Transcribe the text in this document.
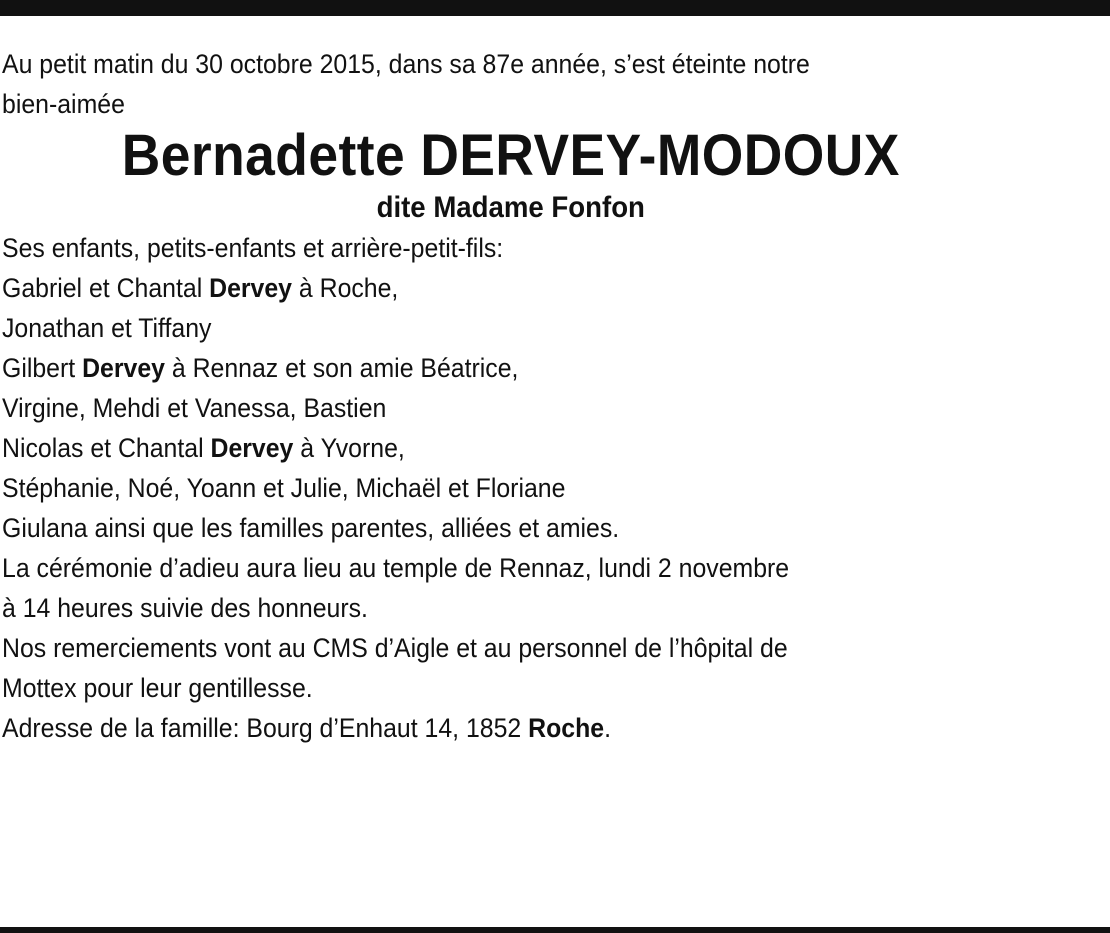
Au petit matin du 30 octobre 2015, dans sa 87e année, s’est éteinte notre
bien-aimée

Bernadette DERVEY-MODOUX

dite Madame Fonfon

Ses enfants, petits-enfants et arrière-petit-fils:

Gabriel et Chantal Dervey à Roche,
Jonathan et Tiffany

Gilbert Dervey à Rennaz et son amie Béatrice,
Virgine, Mehdi et Vanessa, Bastien

Nicolas et Chantal Dervey à Yvorne,
Stéphanie, Noé, Yoann et Julie, Michaël et Floriane

Giulana ainsi que les familles parentes, alliées et amies.

La cérémonie d’adieu aura lieu au temple de Rennaz, lundi 2 novembre
à 14 heures suivie des honneurs.

Nos remerciements vont au CMS d’Aigle et au personnel de l’hôpital de
Mottex pour leur gentillesse.

Adresse de la famille: Bourg d’Enhaut 14, 1852 Roche.
